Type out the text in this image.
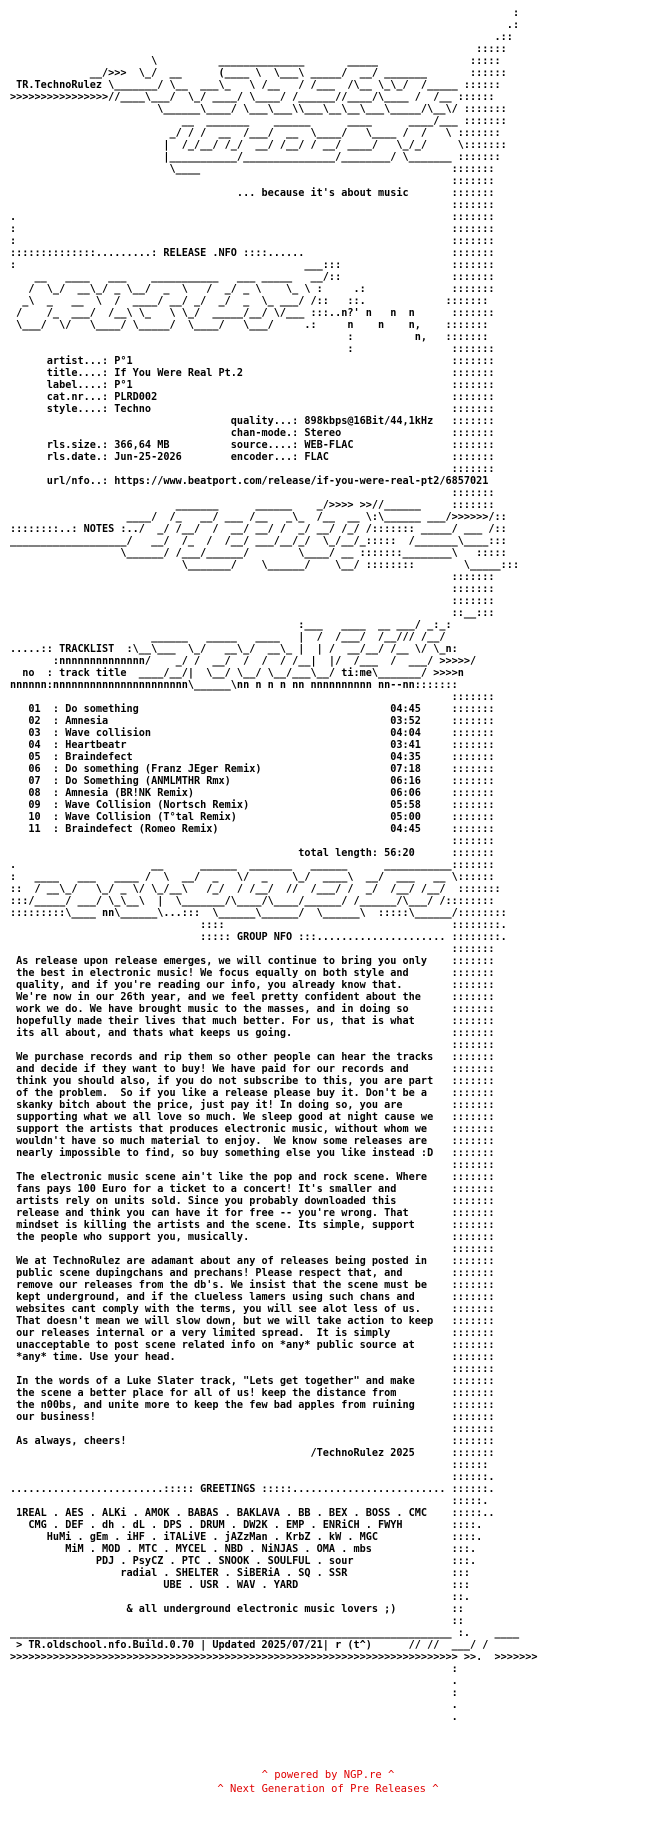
:
.:
.::
:::::
\          ______________       _____               :::::
__/>>>  \_/  __      (____ \  \___\ _____/  __/ _______       ::::::
TR.TechnoRulez \_______/ \__  ___\_   \ /__   / /___  /\__ \_\_/  /_____ ::::::
>>>>>>>>>>>>>>>>//____\___/  \_/ ____/ \____/ /______//____/\____ /  /__ ::::::
\______\____/ \___\___\\___\__\__\___\_____/\__\/ :::::::
__  _______    ______      ____      ____/___ :::::::
_/ / /  __  /___/  __  \____/   \____ /  /   \ :::::::
|  /_/__/ /_/  __/ /__/ / __/ ____/   \_/_/     \:::::::
|___________/_______________/________/ \_______ :::::::
\____                                         :::::::
:::::::
... because it's about music       :::::::
:::::::
.                                                                       :::::::
:                                                                       :::::::
:                                                                       :::::::
::::::::::::::.........: RELEASE .NFO ::::......                        :::::::
:                                               ___:::                  :::::::
__   ____   ___    ___________   ___ _____   __/::                  :::::::
/  \_/  __\_/ _ \__/  _  \   /  _/ _ \    \_ \ :     .:              :::::::
_\  _   __  \  /  ____/ __/ _/  _/  _  \_ ___/ /::   ::.             :::::::
/    /_  ___/  /__\ \_   \ \_/  _____/__/ \/___ :::..n?' n   n  n      :::::::
\___/  \/   \____/ \_____/  \____/   \___/     .:     n    n    n,    :::::::
:          n,   :::::::
:                :::::::
artist...: P°1                                                    :::::::
title....: If You Were Real Pt.2                                  :::::::
label....: P°1                                                    :::::::
cat.nr...: PLRD002                                                :::::::
style....: Techno                                                 :::::::
quality...: 898kbps@16Bit/44,1kHz   :::::::
chan-mode.: Stereo                  :::::::
rls.size.: 366,64 MB          source....: WEB-FLAC                :::::::
rls.date.: Jun-25-2026        encoder...: FLAC                    :::::::
:::::::
url/nfo..: https://www.beatport.com/release/if-you-were-real-pt2/6857021
:::::::
_______      ______    _/>>>> >>//______     :::::::
____/  /_   __/ ___ /__   _\_  /__  __ \:\______ ___/>>>>>>/::
::::::::..: NOTES :../  _/ /__/  /  __/ __/ /  _/ __/ /_/ /::::::: _____/ ___ /::
___________________/   __/  /_  /  /__/ ___/__/_/  \_/__/_:::::  /_______\____:::
\______/ /___/______/        \____/ __ :::::::________\   :::::
\_______/    \______/    \__/ ::::::::        \_____:::
:::::::
:::::::
:::::::
::__:::
:___   ____  __ ___/ _:_:
______   _____   ____   |  /  /___/  /__/// /__/
.....:: TRACKLIST  :\__\___  \_/   __\_/  __\_ |  | /  __/__/ /__ \/ \_n:
:nnnnnnnnnnnnnn/    _/ /  __/  /  /  / /__|  |/  /___  /  ___/ >>>>>/
no  : track title  ____/__/|  \__/ \__/ \__/___\__/ ti:me\_______/ >>>>n
nnnnnn:nnnnnnnnnnnnnnnnnnnnnn\______\nn n n n nn nnnnnnnnnn nn--nn:::::::
:::::::
01  : Do something                                         04:45     :::::::
02  : Amnesia                                              03:52     :::::::
03  : Wave collision                                       04:04     :::::::
04  : Heartbeatr                                           03:41     :::::::
05  : Braindefect                                          04:35     :::::::
06  : Do something (Franz JEger Remix)                     07:18     :::::::
07  : Do Something (ANMLMTHR Rmx)                          06:16     :::::::
08  : Amnesia (BR!NK Remix)                                06:06     :::::::
09  : Wave Collision (Nortsch Remix)                       05:58     :::::::
10  : Wave Collision (T°tal Remix)                         05:00     :::::::
11  : Braindefect (Romeo Remix)                            04:45     :::::::
:::::::
total length: 56:20      :::::::
.                      __      ______  _______   ______      ___________:::::::
:   ____   ___   ____ /  \  __/  _   \/  _    \_/  ____\  __/  ___   __ \::::::
::  / __\_/   \_/ _ \/ \_/__\   /_/  / /__/  //  /___/ /  _/  /__/ /__/  :::::::
:::/_____/ ___/ \_\__\  |  \_______/\____/\____/______/ /______/\___/ /::::::::
:::::::::\____ nn\______\...:::  \______\______/  \______\  :::::\______/::::::::
::::                                     ::::::::.
::::: GROUP NFO :::..................... ::::::::.
:::::::
As release upon release emerges, we will continue to bring you only    :::::::
the best in electronic music! We focus equally on both style and       :::::::
quality, and if you're reading our info, you already know that.        :::::::
We're now in our 26th year, and we feel pretty confident about the     :::::::
work we do. We have brought music to the masses, and in doing so       :::::::
hopefully made their lives that much better. For us, that is what      :::::::
its all about, and thats what keeps us going.                          :::::::
:::::::
We purchase records and rip them so other people can hear the tracks   :::::::
and decide if they want to buy! We have paid for our records and       :::::::
think you should also, if you do not subscribe to this, you are part   :::::::
of the problem.  So if you like a release please buy it. Don't be a    :::::::
skanky bitch about the price, just pay it! In doing so, you are        :::::::
supporting what we all love so much. We sleep good at night cause we   :::::::
support the artists that produces electronic music, without whom we    :::::::
wouldn't have so much material to enjoy.  We know some releases are    :::::::
nearly impossible to find, so buy something else you like instead :D   :::::::
:::::::
The electronic music scene ain't like the pop and rock scene. Where    :::::::
fans pays 100 Euro for a ticket to a concert! It's smaller and         :::::::
artists rely on units sold. Since you probably downloaded this         :::::::
release and think you can have it for free -- you're wrong. That       :::::::
mindset is killing the artists and the scene. Its simple, support      :::::::
the people who support you, musically.                                 :::::::
:::::::
We at TechnoRulez are adamant about any of releases being posted in    :::::::
public scene dupingchans and prechans! Please respect that, and        :::::::
remove our releases from the db's. We insist that the scene must be    :::::::
kept underground, and if the clueless lamers using such chans and      :::::::
websites cant comply with the terms, you will see alot less of us.     :::::::
That doesn't mean we will slow down, but we will take action to keep   :::::::
our releases internal or a very limited spread.  It is simply          :::::::
unacceptable to post scene related info on *any* public source at      :::::::
*any* time. Use your head.                                             :::::::
:::::::
In the words of a Luke Slater track, "Lets get together" and make      :::::::
the scene a better place for all of us! keep the distance from         :::::::
the n00bs, and unite more to keep the few bad apples from ruining      :::::::
our business!                                                          :::::::
:::::::
As always, cheers!                                                     :::::::
/TechnoRulez 2025      :::::::
::::::
::::::.
.........................::::: GREETINGS :::::......................... ::::::.
:::::.
1REAL . AES . ALKi . AMOK . BABAS . BAKLAVA . BB . BEX . BOSS . CMC    :::::..
CMG . DEF . dh . dL . DPS . DRUM . DW2K . EMP . ENRiCH . FWYH        ::::.
HuMi . gEm . iHF . iTALiVE . jAZzMan . KrbZ . kW . MGC            ::::.
MiM . MOD . MTC . MYCEL . NBD . NiNJAS . OMA . mbs             :::.
PDJ . PsyCZ . PTC . SNOOK . SOULFUL . sour                :::.
radial . SHELTER . SiBERiA . SQ . SSR                 :::
UBE . USR . WAV . YARD                         :::
::.
& all underground electronic music lovers ;)         ::
::
________________________________________________________________________ :.    ____
> TR.oldschool.nfo.Build.0.70 | Updated 2025/07/21| r (t^)      // //  ___/ /
>>>>>>>>>>>>>>>>>>>>>>>>>>>>>>>>>>>>>>>>>>>>>>>>>>>>>>>>>>>>>>>>>>>>>>>>> >>.  >>>>>>>
:
.
:
.
.
^ powered by NGP.re ^
^ Next Generation of Pre Releases ^
